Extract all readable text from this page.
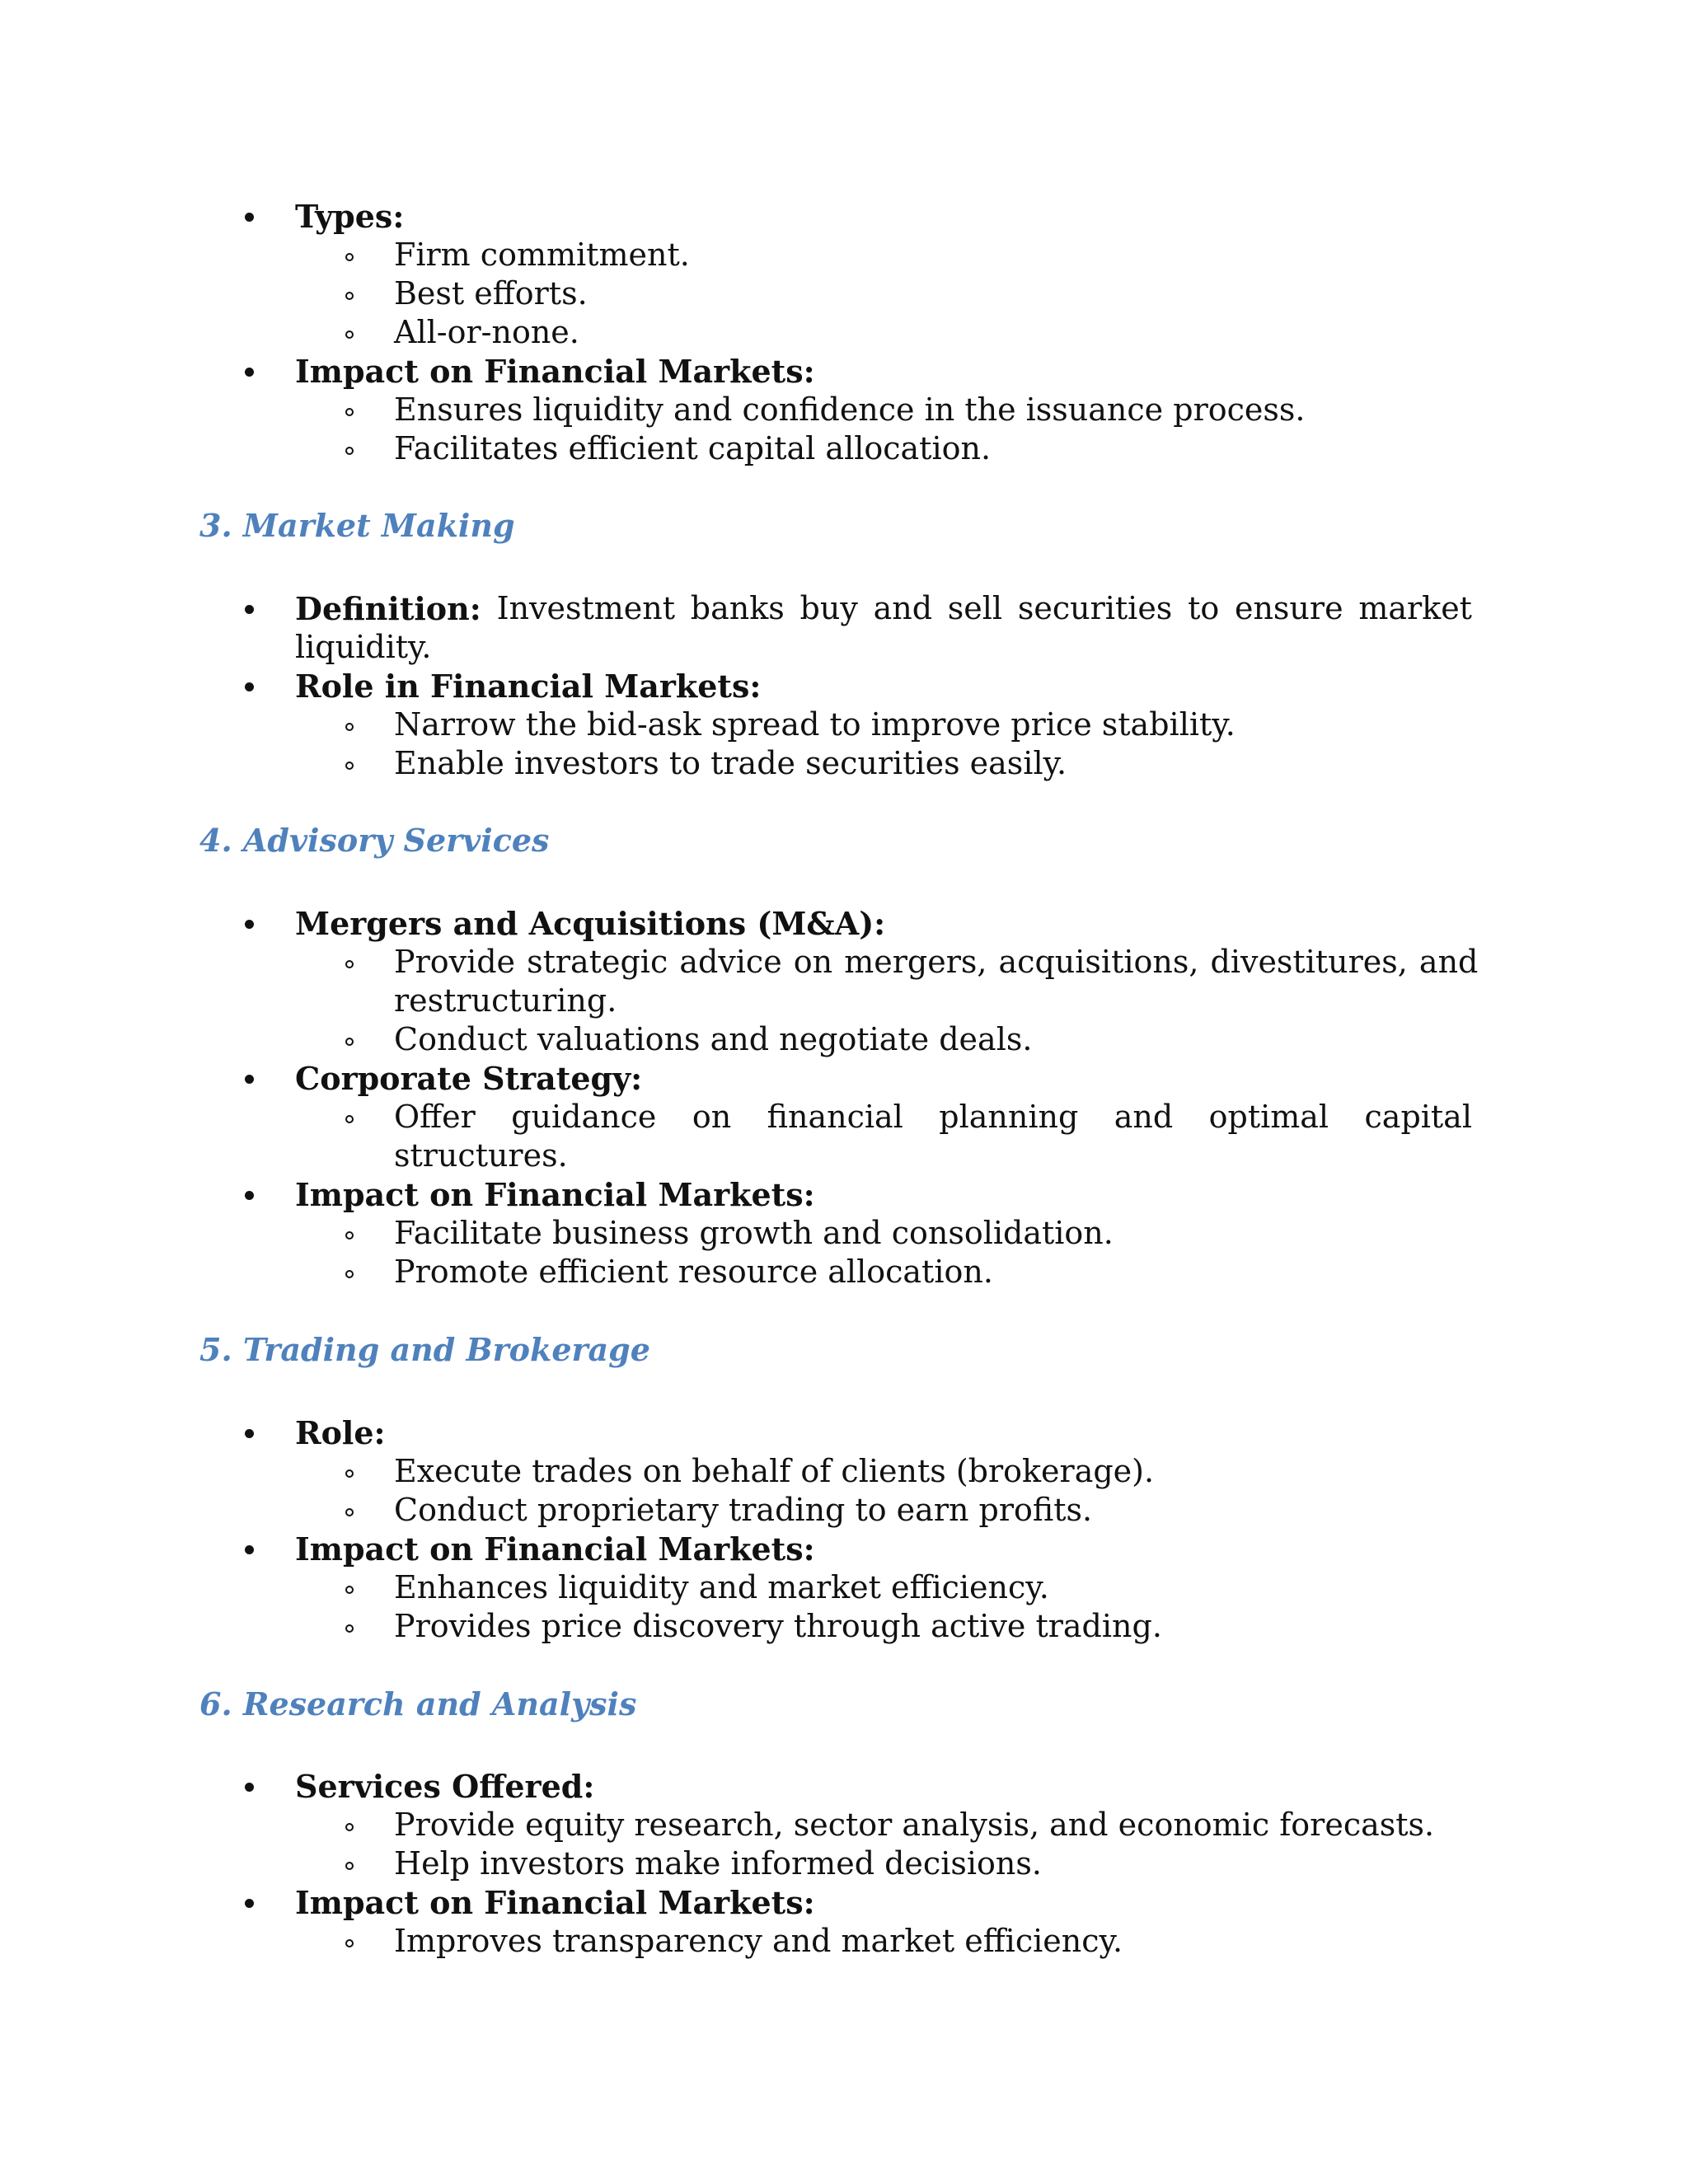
Types:
Firm commitment.
Best efforts.
All-or-none.
Impact on Financial Markets:
Ensures liquidity and confidence in the issuance process.
Facilitates efficient capital allocation.
3. Market Making
Definition: Investment banks buy and sell securities to ensure market
liquidity.
Role in Financial Markets:
Narrow the bid-ask spread to improve price stability.
Enable investors to trade securities easily.
4. Advisory Services
Mergers and Acquisitions (M&A):
Provide strategic advice on mergers, acquisitions, divestitures, and
restructuring.
Conduct valuations and negotiate deals.
Corporate Strategy:
Offer guidance on financial planning and optimal capital
structures.
Impact on Financial Markets:
Facilitate business growth and consolidation.
Promote efficient resource allocation.
5. Trading and Brokerage
Role:
Execute trades on behalf of clients (brokerage).
Conduct proprietary trading to earn profits.
Impact on Financial Markets:
Enhances liquidity and market efficiency.
Provides price discovery through active trading.
6. Research and Analysis
Services Offered:
Provide equity research, sector analysis, and economic forecasts.
Help investors make informed decisions.
Impact on Financial Markets:
Improves transparency and market efficiency.
